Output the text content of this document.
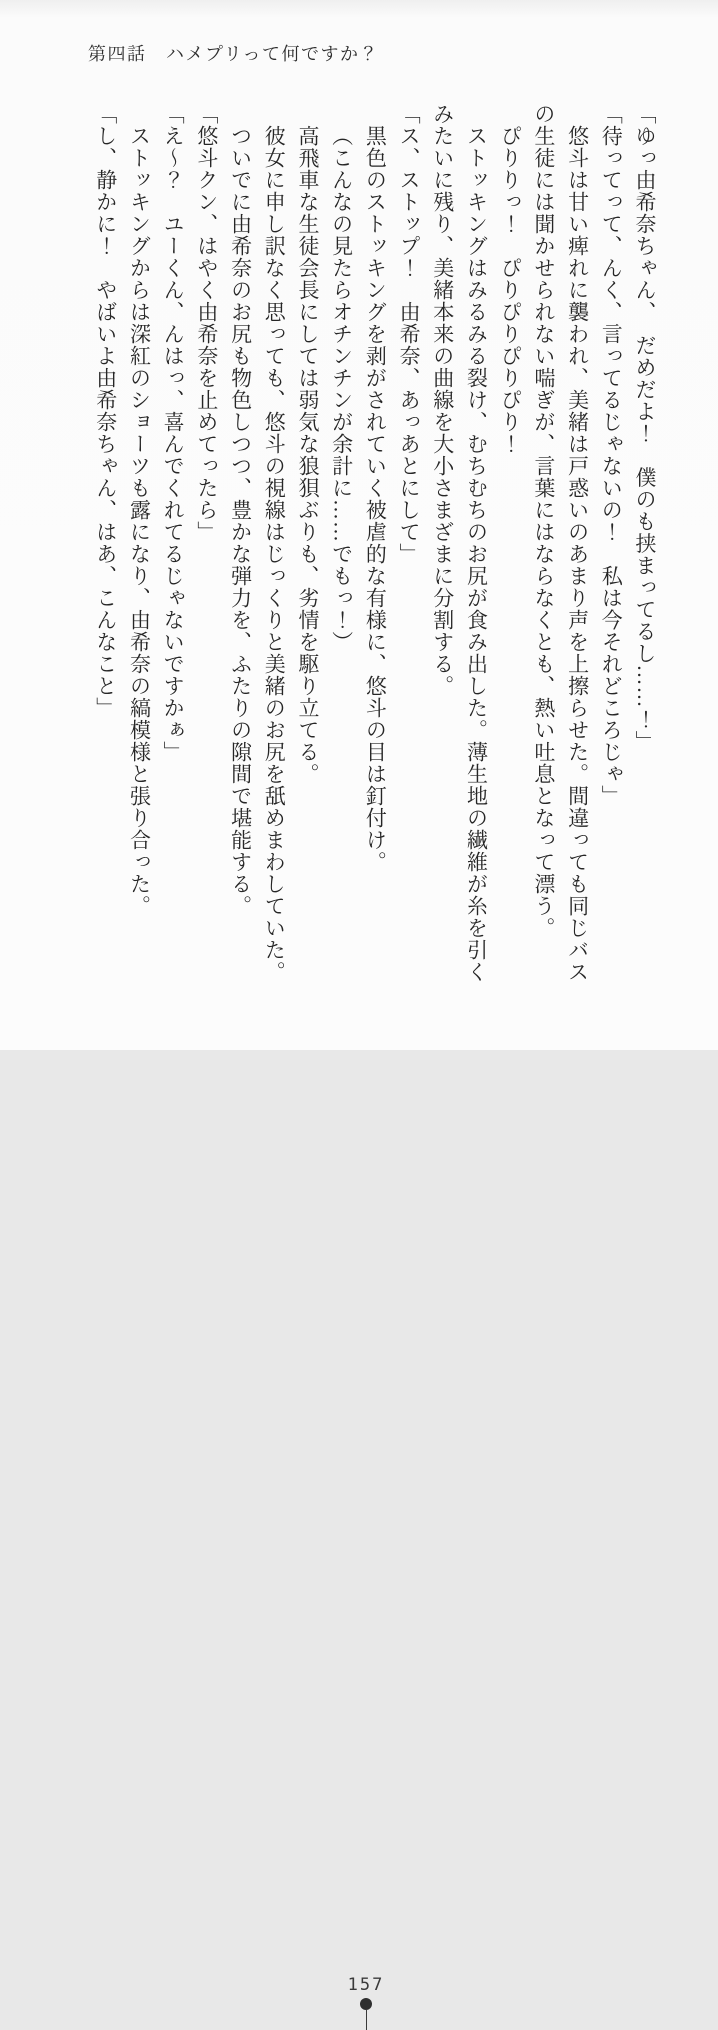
第四話　ハメプリって何ですか？

「ゆっ由希奈ちゃん、　だめだよ！　僕のも挟まってるし……！」

「待ってって、んく、言ってるじゃないの！　私は今それどころじゃ」

悠斗は甘い痺れに襲われ、美緒は戸惑いのあまり声を上擦らせた。間違っても同じバス

の生徒には聞かせられない喘ぎが、言葉にはならなくとも、熱い吐息となって漂う。

ぴりりっ！　ぴりぴりぴりぴり！

ストッキングはみるみる裂け、むちむちのお尻が食み出した。薄生地の繊維が糸を引く

みたいに残り、美緒本来の曲線を大小さまざまに分割する。

「ス、ストップ！　由希奈、あっあとにして」

黒色のストッキングを剥がされていく被虐的な有様に、悠斗の目は釘付け。

（こんなの見たらオチンチンが余計に……でもっ！）

高飛車な生徒会長にしては弱気な狼狽ぶりも、劣情を駆り立てる。

彼女に申し訳なく思っても、悠斗の視線はじっくりと美緒のお尻を舐めまわしていた。

ついでに由希奈のお尻も物色しつつ、豊かな弾力を、ふたりの隙間で堪能する。

「悠斗クン、はやく由希奈を止めてったら」

「え～？　ユーくん、んはっ、喜んでくれてるじゃないですかぁ」

ストッキングからは深紅のショーツも露になり、由希奈の縞模様と張り合った。

「し、静かに！　やばいよ由希奈ちゃん、はあ、こんなこと」

157
